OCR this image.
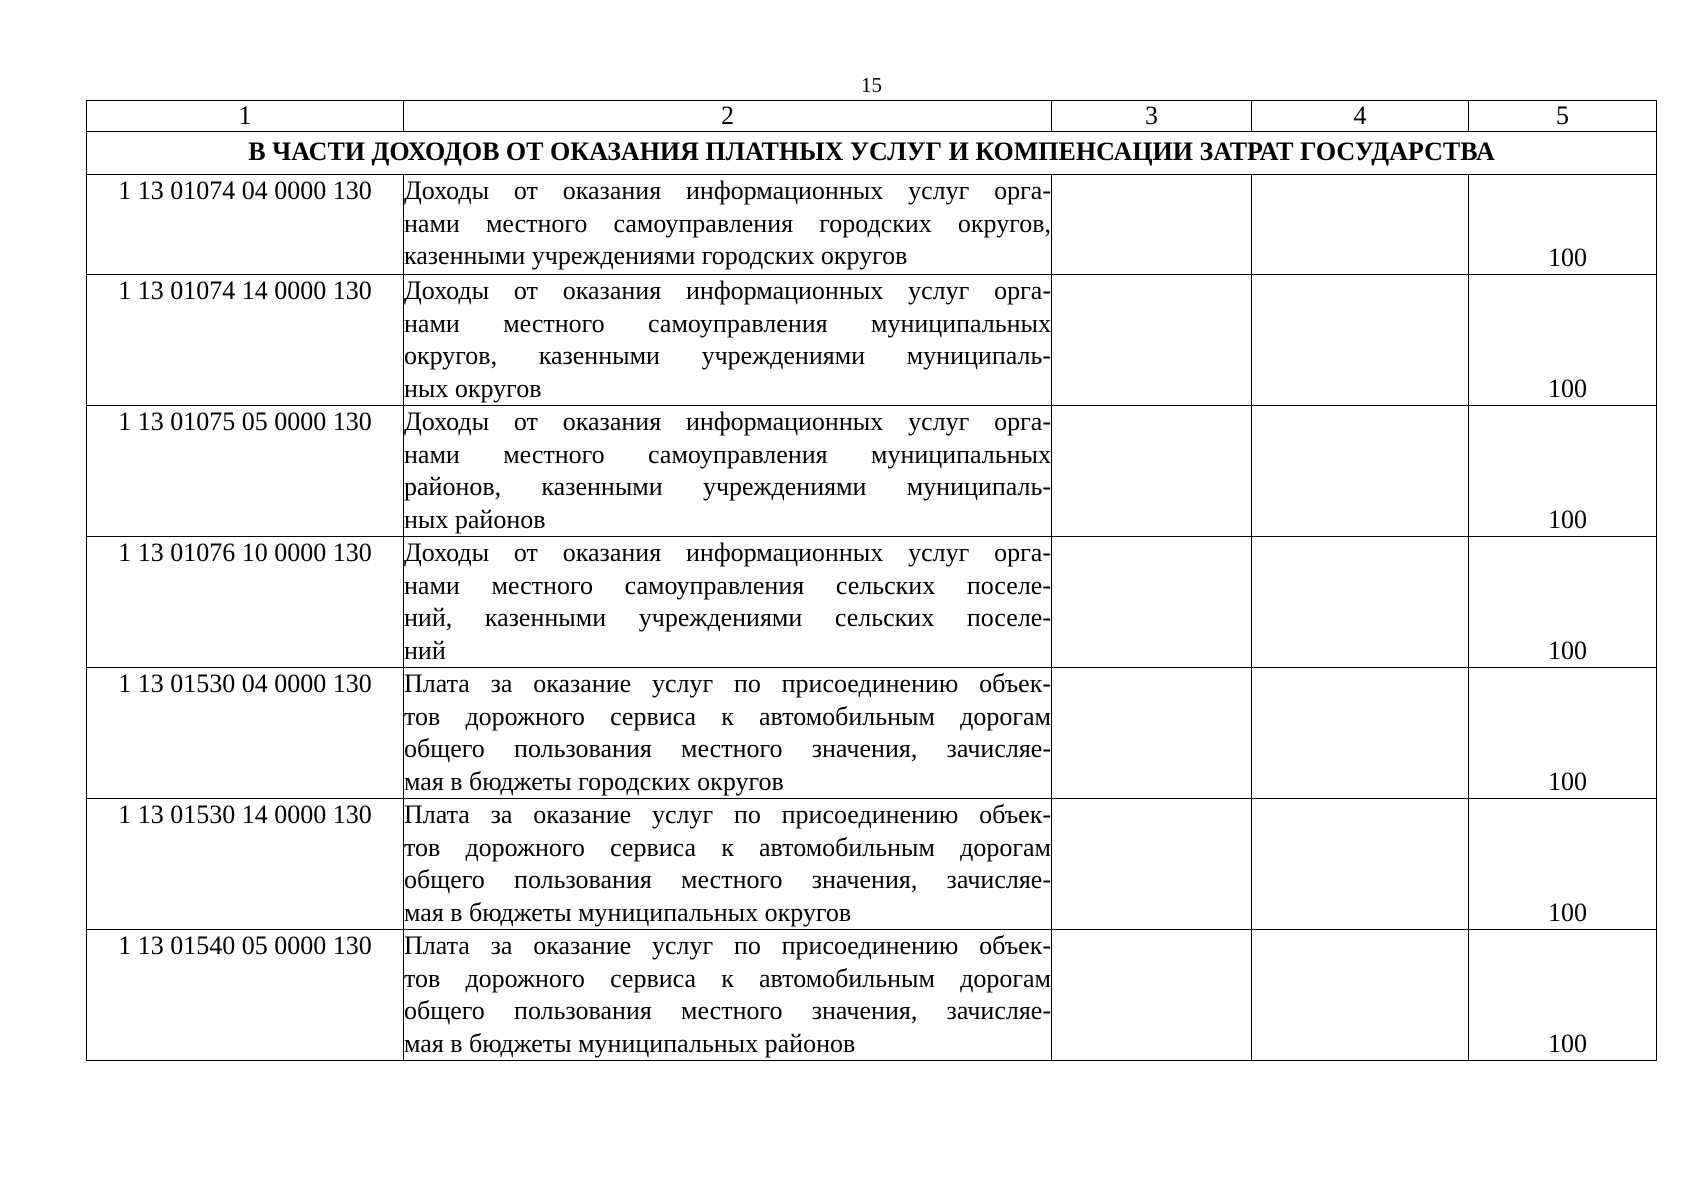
15
1	2	3	4	5
В ЧАСТИ ДОХОДОВ ОТ ОКАЗАНИЯ ПЛАТНЫХ УСЛУГ И КОМПЕНСАЦИИ ЗАТРАТ ГОСУДАРСТВА				
1 13 01074 04 0000 130	Доходы от оказания информационных услуг орга-
нами местного самоуправления городских округов,
казенными учреждениями городских округов			100
1 13 01074 14 0000 130	Доходы от оказания информационных услуг орга-
нами местного самоуправления муниципальных
округов, казенными учреждениями муниципаль-
ных округов			100
1 13 01075 05 0000 130	Доходы от оказания информационных услуг орга-
нами местного самоуправления муниципальных
районов, казенными учреждениями муниципаль-
ных районов			100
1 13 01076 10 0000 130	Доходы от оказания информационных услуг орга-
нами местного самоуправления сельских поселе-
ний, казенными учреждениями сельских поселе-
ний			100
1 13 01530 04 0000 130	Плата за оказание услуг по присоединению объек-
тов дорожного сервиса к автомобильным дорогам
общего пользования местного значения, зачисляе-
мая в бюджеты городских округов			100
1 13 01530 14 0000 130	Плата за оказание услуг по присоединению объек-
тов дорожного сервиса к автомобильным дорогам
общего пользования местного значения, зачисляе-
мая в бюджеты муниципальных округов			100
1 13 01540 05 0000 130	Плата за оказание услуг по присоединению объек-
тов дорожного сервиса к автомобильным дорогам
общего пользования местного значения, зачисляе-
мая в бюджеты муниципальных районов			100
